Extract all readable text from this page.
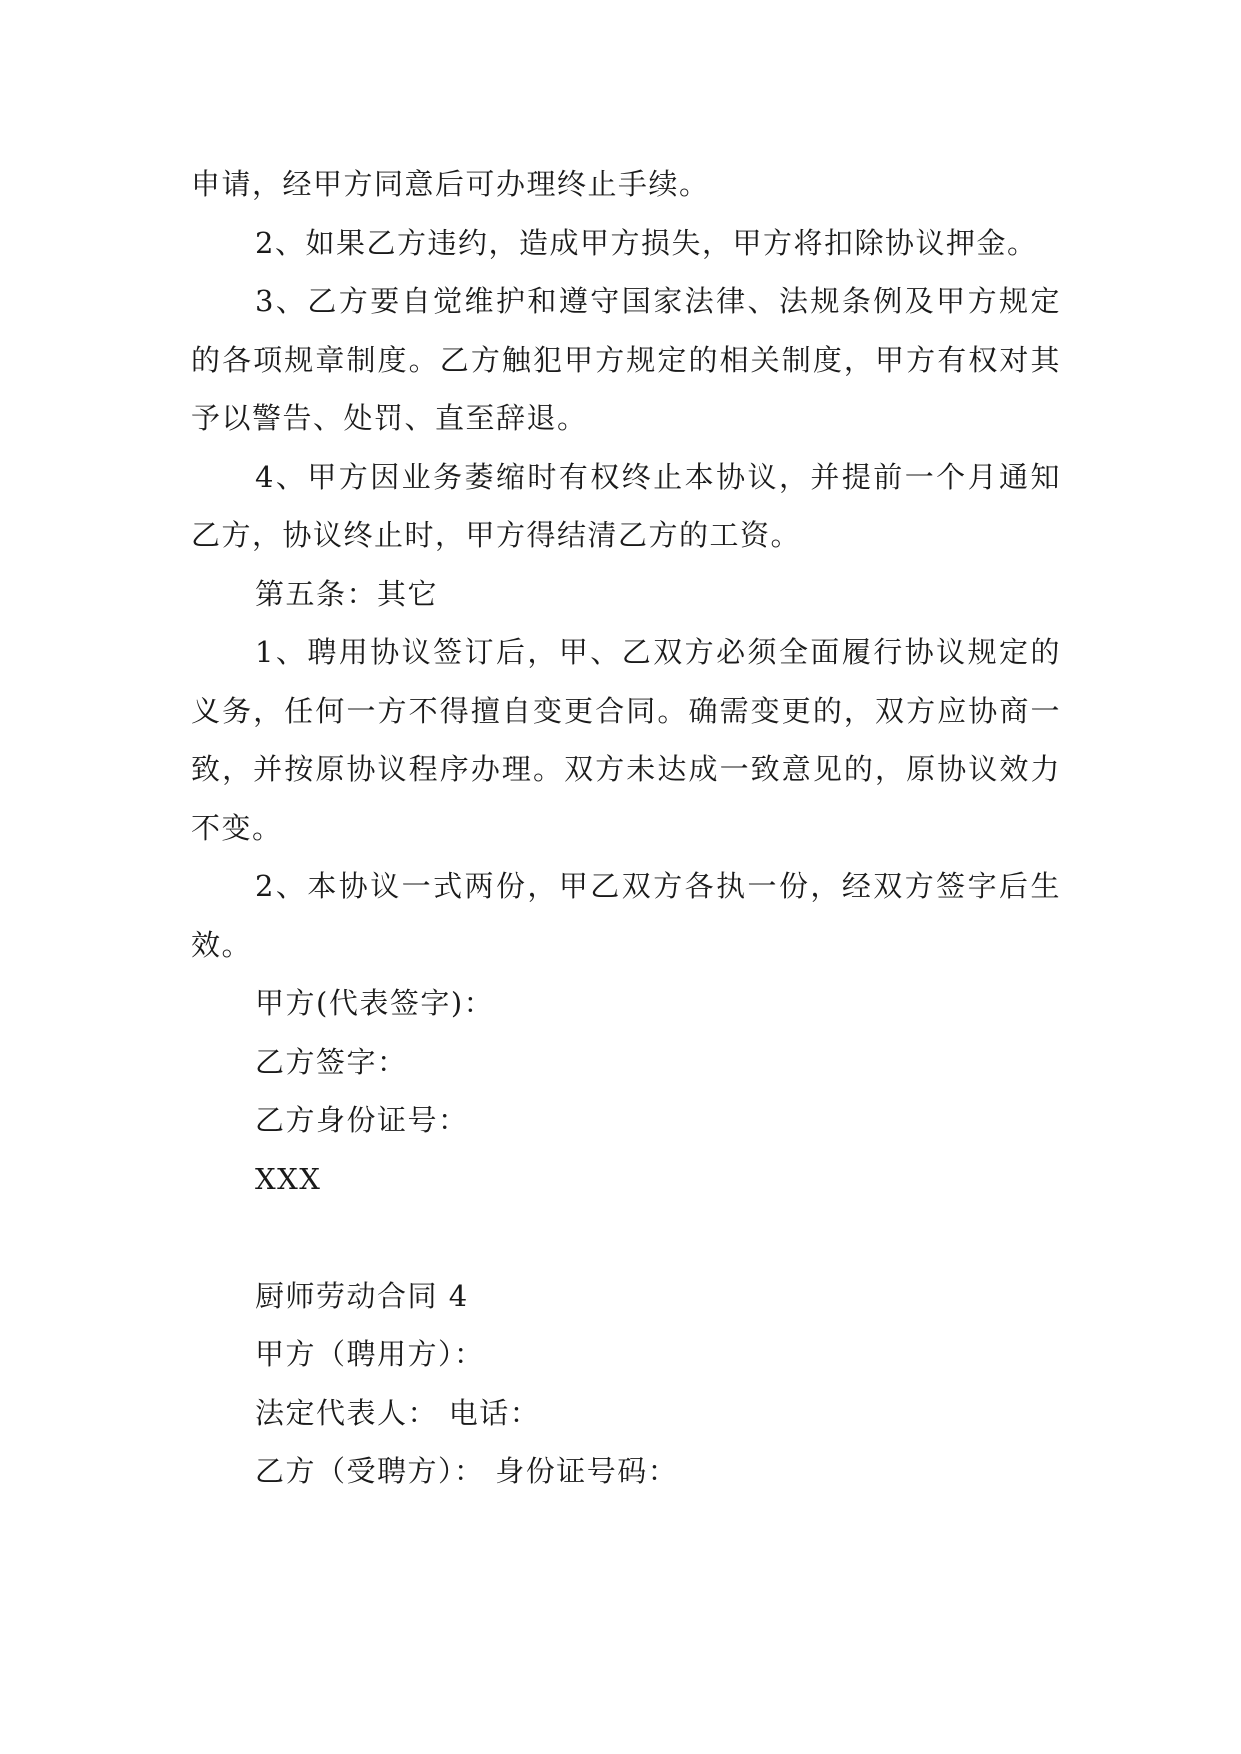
申请，经甲方同意后可办理终止手续。

2、如果乙方违约，造成甲方损失，甲方将扣除协议押金。

3、乙方要自觉维护和遵守国家法律、法规条例及甲方规定的各项规章制度。乙方触犯甲方规定的相关制度，甲方有权对其予以警告、处罚、直至辞退。

4、甲方因业务萎缩时有权终止本协议，并提前一个月通知乙方，协议终止时，甲方得结清乙方的工资。

第五条：其它

1、聘用协议签订后，甲、乙双方必须全面履行协议规定的义务，任何一方不得擅自变更合同。确需变更的，双方应协商一致，并按原协议程序办理。双方未达成一致意见的，原协议效力不变。

2、本协议一式两份，甲乙双方各执一份，经双方签字后生效。

甲方(代表签字)：

乙方签字：

乙方身份证号：

XXX

厨师劳动合同 4

甲方（聘用方）：

法定代表人： 电话：

乙方（受聘方）： 身份证号码：
